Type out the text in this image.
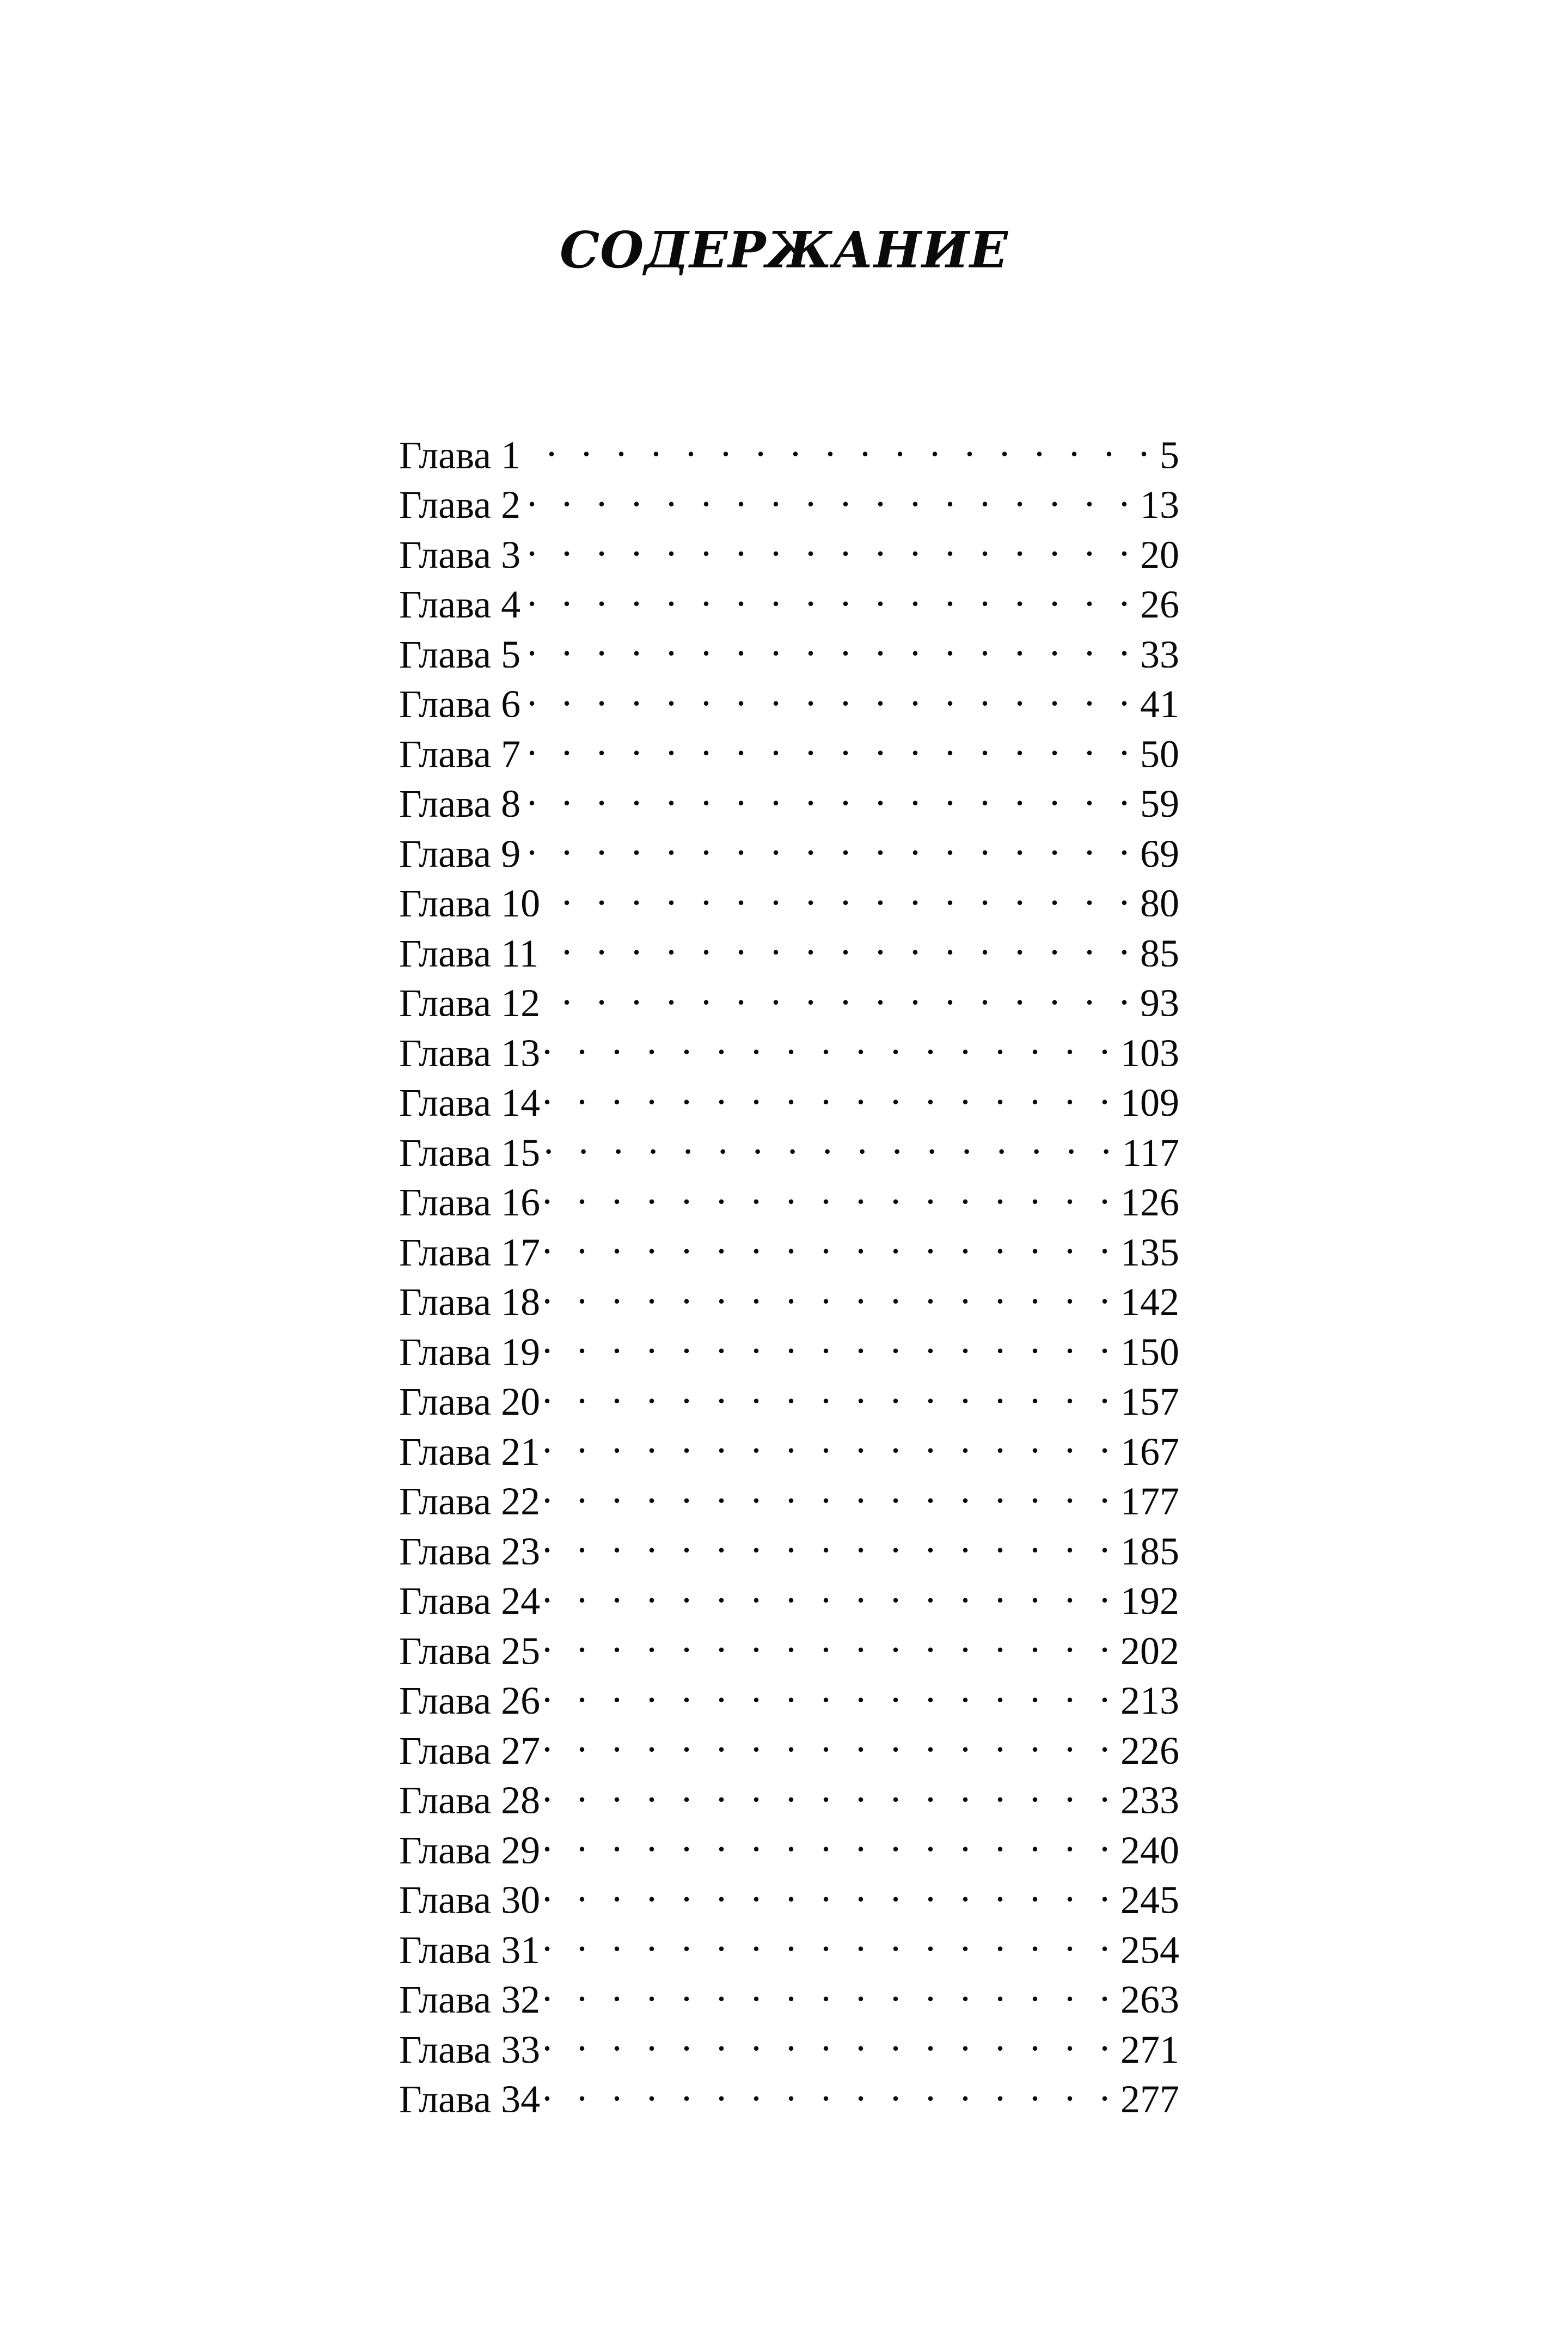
СОДЕРЖАНИЕ
Глава 1 . . .	5
Глава 2 . . .	13
Глава 3 . . .	20
Глава 4 . . .	26
Глава 5 . . .	33
Глава 6 . . .	41
Глава 7 . . .	50
Глава 8 . . .	59
Глава 9 . . .	69
Глава 10 . . .	80
Глава 11 . . .	85
Глава 12 . . .	93
Глава 13 . . .	103
Глава 14 . . .	109
Глава 15 . . .	117
Глава 16 . . .	126
Глава 17 . . .	135
Глава 18 . . .	142
Глава 19 . . .	150
Глава 20 . . .	157
Глава 21 . . .	167
Глава 22 . . .	177
Глава 23 . . .	185
Глава 24 . . .	192
Глава 25 . . .	202
Глава 26 . . .	213
Глава 27 . . .	226
Глава 28 . . .	233
Глава 29 . . .	240
Глава 30 . . .	245
Глава 31 . . .	254
Глава 32 . . .	263
Глава 33 . . .	271
Глава 34 . . .	277
